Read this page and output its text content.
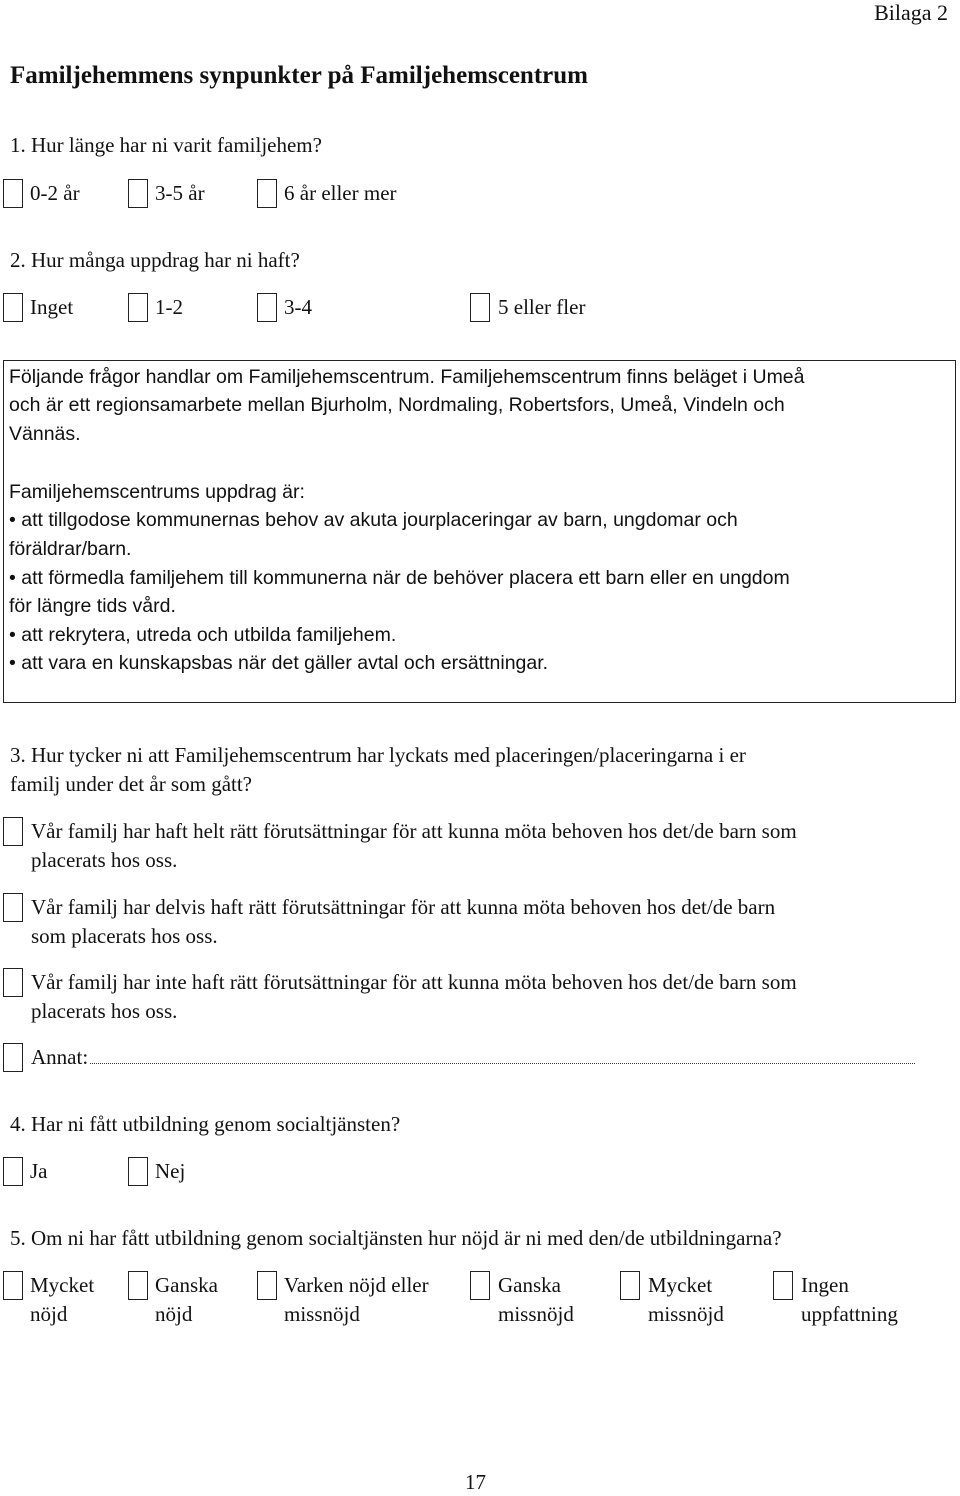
Bilaga 2
Familjehemmens synpunkter på Familjehemscentrum
1. Hur länge har ni varit familjehem?
0-2 år	3-5 år	6 år eller mer
2. Hur många uppdrag har ni haft?
Inget	1-2	3-4	5 eller fler
Följande frågor handlar om Familjehemscentrum. Familjehemscentrum finns beläget i Umeå
och är ett regionsamarbete mellan Bjurholm, Nordmaling, Robertsfors, Umeå, Vindeln och
Vännäs.
Familjehemscentrums uppdrag är:
• att tillgodose kommunernas behov av akuta jourplaceringar av barn, ungdomar och
föräldrar/barn.
• att förmedla familjehem till kommunerna när de behöver placera ett barn eller en ungdom
för längre tids vård.
• att rekrytera, utreda och utbilda familjehem.
• att vara en kunskapsbas när det gäller avtal och ersättningar.
3. Hur tycker ni att Familjehemscentrum har lyckats med placeringen/placeringarna i er
familj under det år som gått?
Vår familj har haft helt rätt förutsättningar för att kunna möta behoven hos det/de barn som
placerats hos oss.
Vår familj har delvis haft rätt förutsättningar för att kunna möta behoven hos det/de barn
som placerats hos oss.
Vår familj har inte haft rätt förutsättningar för att kunna möta behoven hos det/de barn som
placerats hos oss.
Annat:
4. Har ni fått utbildning genom socialtjänsten?
Ja	Nej
5. Om ni har fått utbildning genom socialtjänsten hur nöjd är ni med den/de utbildningarna?
Mycket
nöjd
Ganska
nöjd
Varken nöjd eller
missnöjd
Ganska
missnöjd
Mycket
missnöjd
Ingen
uppfattning
17
